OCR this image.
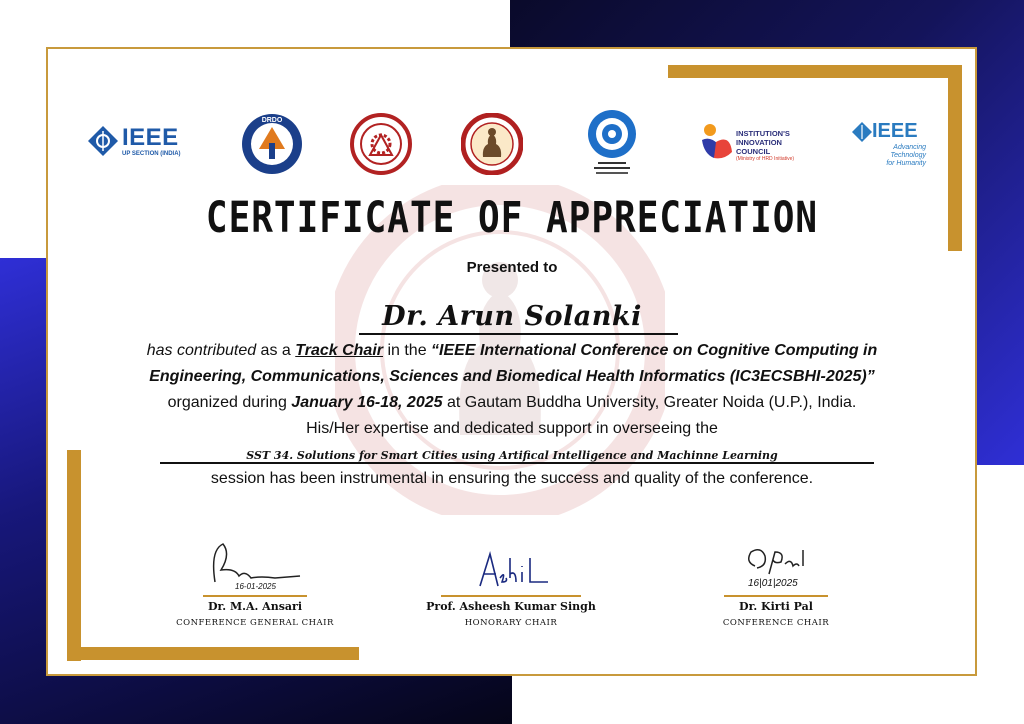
IEEE
UP SECTION (INDIA)
DRDO
INSTITUTION'S
INNOVATION
COUNCIL
(Ministry of HRD Initiative)
IEEE
Advancing Technology
for Humanity
CERTIFICATE OF APPRECIATION
Presented to
Dr. Arun Solanki
has contributed as a Track Chair in the “IEEE International Conference on Cognitive Computing in
Engineering, Communications, Sciences and Biomedical Health Informatics (IC3ECSBHI-2025)”
organized during January 16-18, 2025 at Gautam Buddha University, Greater Noida (U.P.), India.
His/Her expertise and dedicated support in overseeing the
SST 34. Solutions for Smart Cities using Artifical Intelligence and Machinne Learning
session has been instrumental in ensuring the success and quality of the conference.
16-01-2025
Dr. M.A. Ansari
CONFERENCE GENERAL CHAIR
Prof. Asheesh Kumar Singh
HONORARY CHAIR
16|01|2025
Dr. Kirti Pal
CONFERENCE CHAIR
